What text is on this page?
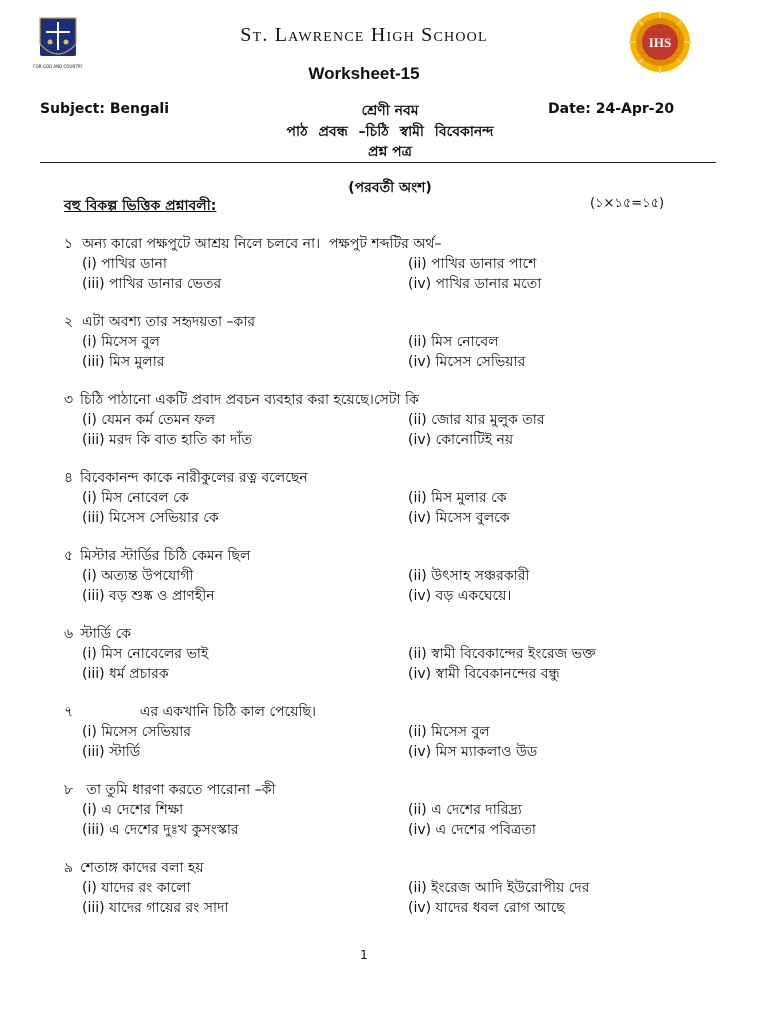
FOR GOD AND COUNTRY
IHS
St. Lawrence High School
Worksheet-15
Subject: Bengali	শ্রেণী নবম	Date: 24-Apr-20
পাঠ প্রবন্ধ –চিঠি স্বামী বিবেকানন্দ
প্রশ্ন পত্র
(পরবর্তী অংশ)
বহু বিকল্প ভিত্তিক প্রশ্নাবলী:	(১×১৫=১৫)
১ অন্য কারো পক্ষপুটে আশ্রয় নিলে চলবে না।  পক্ষপুট শব্দটির অর্থ–
(i) পাখির ডানা	(ii) পাখির ডানার পাশে
(iii) পাখির ডানার ভেতর	(iv) পাখির ডানার মতো
২ এটা অবশ্য তার সহৃদয়তা –কার
(i) মিসেস বুল	(ii) মিস নোবেল
(iii) মিস মুলার	(iv) মিসেস সেভিয়ার
৩ চিঠি পাঠানো একটি প্রবাদ প্রবচন ব্যবহার করা হয়েছে।সেটা কি
(i) যেমন কর্ম তেমন ফল	(ii) জোর যার মুলুক তার
(iii) মরদ কি বাত হাতি কা দাঁত	(iv) কোনোটিই নয়
৪ বিবেকানন্দ কাকে নারীকুলের রত্ন বলেছেন
(i) মিস নোবেল কে	(ii) মিস মুলার কে
(iii) মিসেস সেভিয়ার কে	(iv) মিসেস বুলকে
৫ মিস্টার স্টার্ডির চিঠি কেমন ছিল
(i) অত্যন্ত উপযোগী	(ii) উৎসাহ সঞ্চরকারী
(iii) বড় শুষ্ক ও প্রাণহীন	(iv) বড় একঘেয়ে।
৬ স্টার্ডি কে
(i) মিস নোবেলের ভাই	(ii) স্বামী বিবেকান্দের ইংরেজ ভক্ত
(iii) ধর্ম প্রচারক	(iv) স্বামী বিবেকানন্দের বন্ধু
৭ এর একখানি চিঠি কাল পেয়েছি।
(i) মিসেস সেভিয়ার	(ii) মিসেস বুল
(iii) স্টার্ডি	(iv) মিস ম্যাকলাও উড
৮ তা তুমি ধারণা করতে পারোনা –কী
(i) এ দেশের শিক্ষা	(ii) এ দেশের দারিদ্র্য
(iii) এ দেশের দুঃখ কুসংস্কার	(iv) এ দেশের পবিত্রতা
৯ শেতাঙ্গ কাদের বলা হয়
(i) যাদের রং কালো	(ii) ইংরেজ আদি ইউরোপীয় দের
(iii) যাদের গায়ের রং সাদা	(iv) যাদের ধবল রোগ আছে
1
